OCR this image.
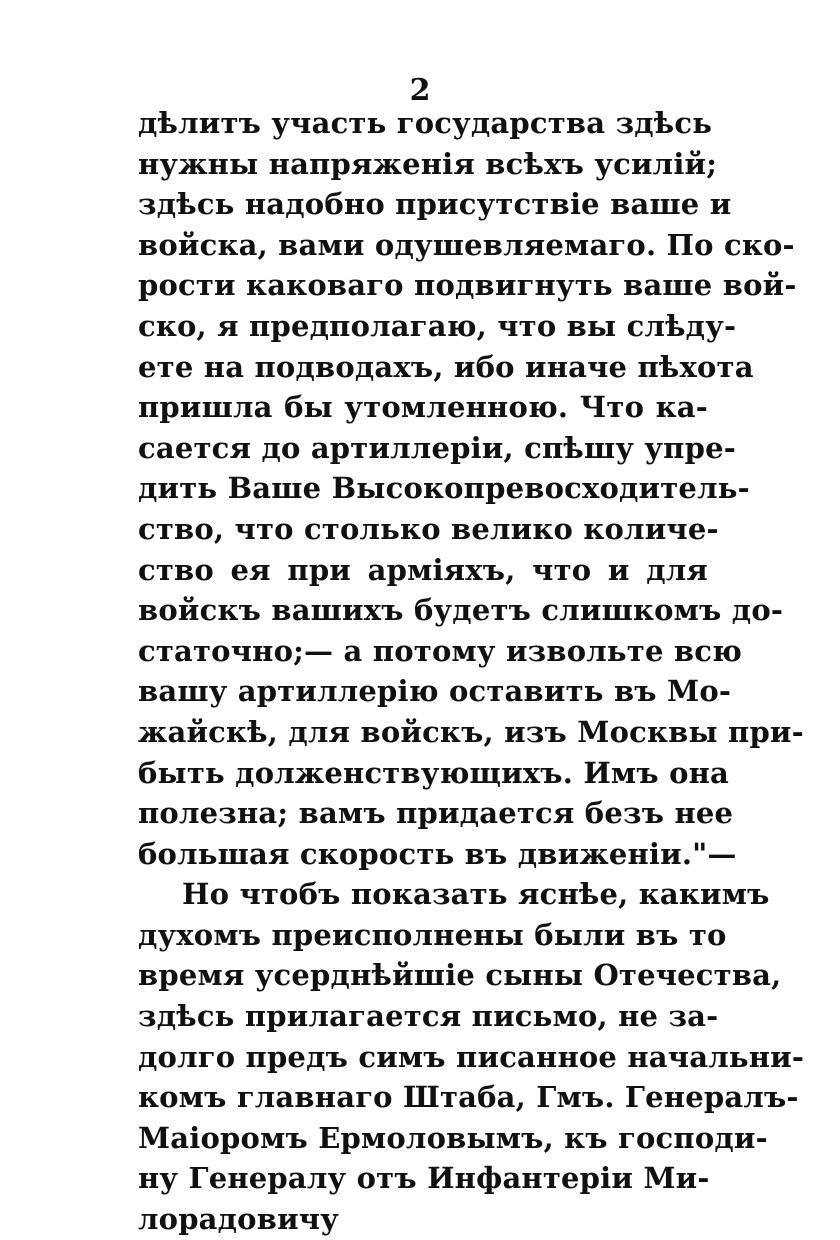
2
дѣлитъ участь государства здѣсь
нужны напряженія всѣхъ усилій;
здѣсь надобно присутствіе ваше и
войска, вами одушевляемаго. По ско-
рости каковаго подвигнуть ваше вой-
ско, я предполагаю, что вы слѣду-
ете на подводахъ, ибо иначе пѣхота
пришла бы утомленною. Что ка-
сается до артиллеріи, спѣшу упре-
дить Ваше Высокопревосходитель-
ство, что столько велико количе-
ство ея при арміяхъ, что и для
войскъ вашихъ будетъ слишкомъ до-
статочно;— а потому извольте всю
вашу артиллерію оставить въ Мо-
жайскѣ, для войскъ, изъ Москвы при-
быть долженствующихъ. Имъ она
полезна; вамъ придается безъ нее
большая скорость въ движеніи."—
Но чтобъ показать яснѣе, какимъ
духомъ преисполнены были въ то
время усерднѣйшіе сыны Отечества,
здѣсь прилагается письмо, не за-
долго предъ симъ писанное начальни-
комъ главнаго Штаба, Гмъ. Генералъ-
Маіоромъ Ермоловымъ, къ господи-
ну Генералу отъ Инфантеріи Ми-
лорадовичу
